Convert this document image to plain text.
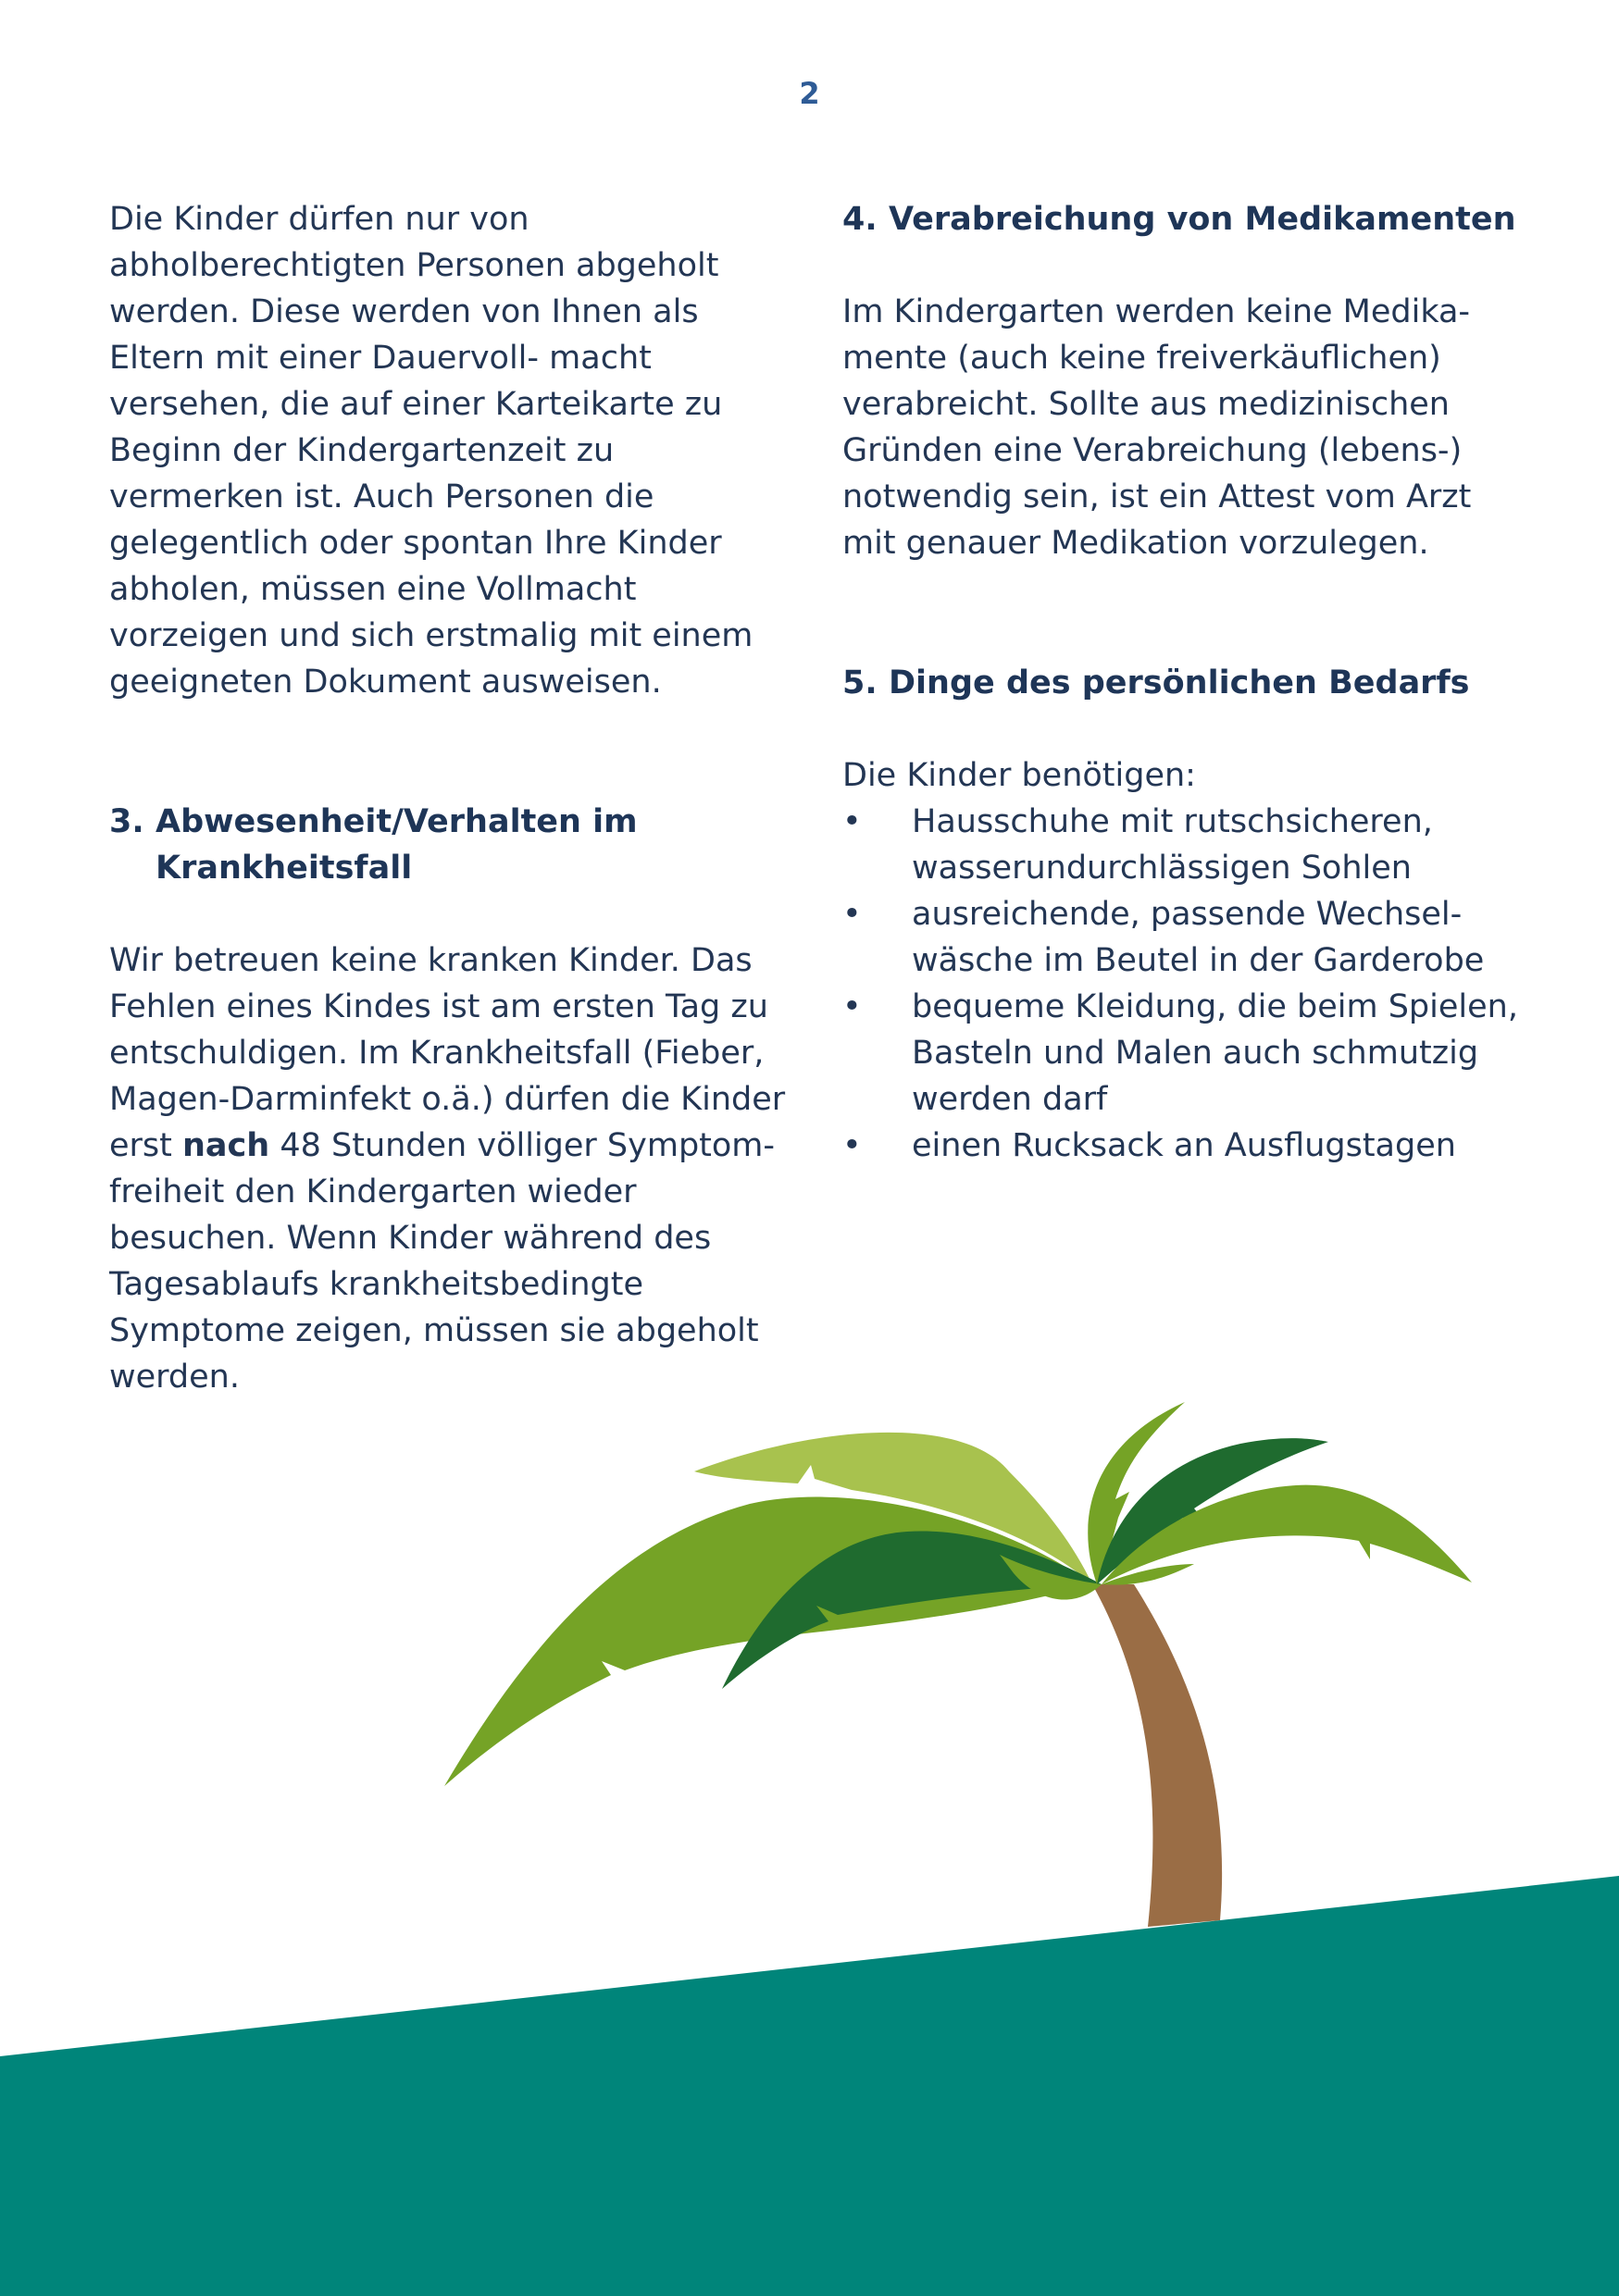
2

Die Kinder dürfen nur von abholberechtigten Personen abgeholt werden. Diese werden von Ihnen als Eltern mit einer Dauervoll- macht versehen, die auf einer Karteikarte zu Beginn der Kindergartenzeit zu vermerken ist. Auch Personen die gelegentlich oder spontan Ihre Kinder abholen, müssen eine Vollmacht vorzeigen und sich erstmalig mit einem geeigneten Dokument ausweisen.

3. Abwesenheit/Verhalten im Krankheitsfall

Wir betreuen keine kranken Kinder. Das Fehlen eines Kindes ist am ersten Tag zu entschuldigen. Im Krankheitsfall (Fieber, Magen-Darminfekt o.ä.) dürfen die Kinder erst nach 48 Stunden völliger Symptom- freiheit den Kindergarten wieder besuchen. Wenn Kinder während des Tagesablaufs krankheitsbedingte Symptome zeigen, müssen sie abgeholt werden.

4. Verabreichung von Medikamenten

Im Kindergarten werden keine Medika- mente (auch keine freiverkäuflichen) verabreicht. Sollte aus medizinischen Gründen eine Verabreichung (lebens-) notwendig sein, ist ein Attest vom Arzt mit genauer Medikation vorzulegen.

5. Dinge des persönlichen Bedarfs

Die Kinder benötigen:

•	Hausschuhe mit rutschsicheren, wasserundurchlässigen Sohlen
•	ausreichende, passende Wechsel- wäsche im Beutel in der Garderobe
•	bequeme Kleidung, die beim Spielen, Basteln und Malen auch schmutzig werden darf
•	einen Rucksack an Ausflugstagen
